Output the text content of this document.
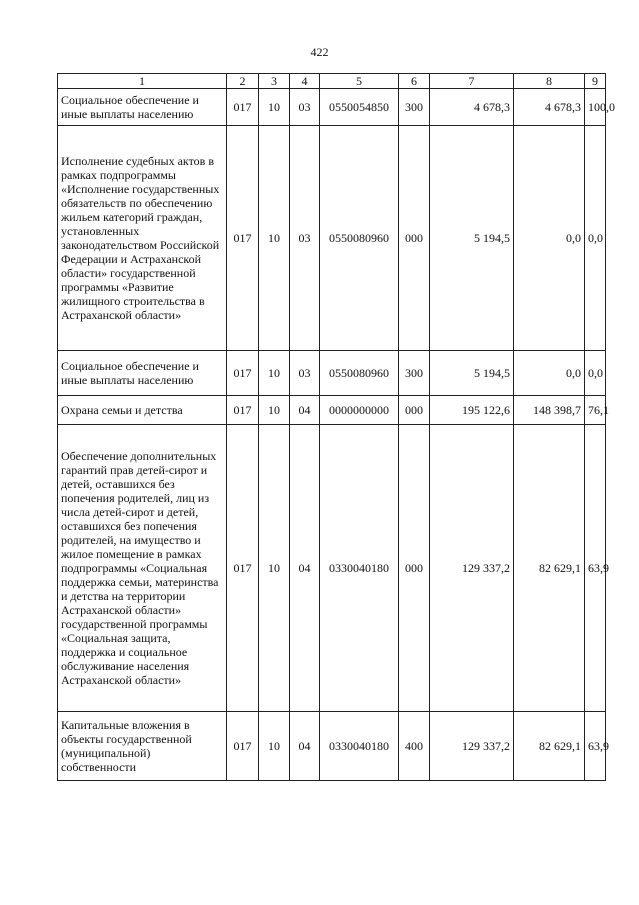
422
1	2	3	4	5	6	7	8	9
Социальное обеспечение и иные выплаты населению	017	10	03	0550054850	300	4 678,3	4 678,3	100,0
Исполнение судебных актов в рамках подпрограммы «Исполнение государственных обязательств по обеспечению жильем категорий граждан, установленных законодательством Российской Федерации и Астраханской области» государственной программы «Развитие жилищного строительства в Астраханской области»	017	10	03	0550080960	000	5 194,5	0,0	0,0
Социальное обеспечение и иные выплаты населению	017	10	03	0550080960	300	5 194,5	0,0	0,0
Охрана семьи и детства	017	10	04	0000000000	000	195 122,6	148 398,7	76,1
Обеспечение дополнительных гарантий прав детей-сирот и детей, оставшихся без попечения родителей, лиц из числа детей-сирот и детей, оставшихся без попечения родителей, на имущество и жилое помещение в рамках подпрограммы «Социальная поддержка семьи, материнства и детства на территории Астраханской области» государственной программы «Социальная защита, поддержка и социальное обслуживание населения Астраханской области»	017	10	04	0330040180	000	129 337,2	82 629,1	63,9
Капитальные вложения в объекты государственной (муниципальной) собственности	017	10	04	0330040180	400	129 337,2	82 629,1	63,9
